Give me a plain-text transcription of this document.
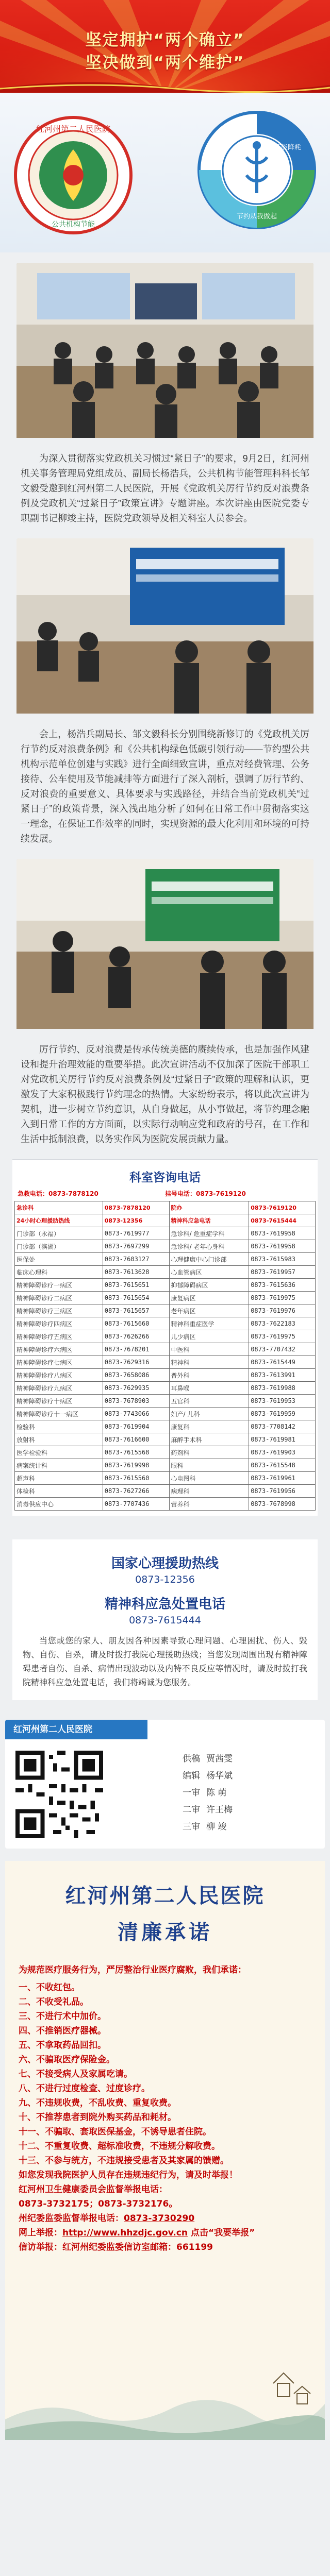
坚定拥护“两个确立”
坚决做到“两个维护”
红河州第二人民医院
公共机构节能
节能降耗
节约从我做起

为深入贯彻落实党政机关习惯过“紧日子”的要求，9月2日，红河州机关事务管理局党组成员、副局长杨浩兵，公共机构节能管理科科长邹文毅受邀到红河州第二人民医院，开展《党政机关厉行节约反对浪费条例及党政机关“过紧日子”政策宣讲》专题讲座。本次讲座由医院党委专职副书记柳竣主持，医院党政领导及相关科室人员参会。

会上，杨浩兵副局长、邹文毅科长分别围绕新修订的《党政机关厉行节约反对浪费条例》和《公共机构绿色低碳引领行动——节约型公共机构示范单位创建与实践》进行全面细致宣讲，重点对经费管理、公务接待、公车使用及节能减排等方面进行了深入剖析，强调了厉行节约、反对浪费的重要意义、具体要求与实践路径，并结合当前党政机关“过紧日子”的政策背景，深入浅出地分析了如何在日常工作中贯彻落实这一理念，在保证工作效率的同时，实现资源的最大化利用和环境的可持续发展。

厉行节约、反对浪费是传承传统美德的赓续传承，也是加强作风建设和提升治理效能的重要举措。此次宣讲活动不仅加深了医院干部职工对党政机关厉行节约反对浪费条例及“过紧日子”政策的理解和认识，更激发了大家积极践行节约理念的热情。大家纷纷表示，将以此次宣讲为契机，进一步树立节约意识，从自身做起，从小事做起，将节约理念融入到日常工作的方方面面，以实际行动响应党和政府的号召，在工作和生活中抵制浪费，以务实作风为医院发展贡献力量。

科室咨询电话
急救电话：0873-7878120	挂号电话：0873-7619120
急诊科	0873-7878120	院办	0873-7619120
24小时心理援助热线	0873-12356	精神科应急电话	0873-7615444
门诊部（永福）	0873-7619977	急诊科/ 危重症学科	0873-7619958
门诊部（滨湖）	0873-7697299	急诊科/ 老年心身科	0873-7619958
医保处	0873-7603127	心理健康中心门诊部	0873-7615983
临床心理科	0873-7613628	心血管病区	0873-7619957
精神障碍诊疗一病区	0873-7615651	抑郁障碍病区	0873-7615636
精神障碍诊疗二病区	0873-7615654	康复病区	0873-7619975
精神障碍诊疗三病区	0873-7615657	老年病区	0873-7619976
精神障碍诊疗四病区	0873-7615660	精神科重症医学	0873-7622183
精神障碍诊疗五病区	0873-7626266	儿少病区	0873-7619975
精神障碍诊疗六病区	0873-7678201	中医科	0873-7707432
精神障碍诊疗七病区	0873-7629316	精神科	0873-7615449
精神障碍诊疗八病区	0873-7658086	普外科	0873-7613991
精神障碍诊疗九病区	0873-7629935	耳鼻喉	0873-7619988
精神障碍诊疗十病区	0873-7678903	五官科	0873-7619953
精神障碍诊疗十一病区	0873-7743066	妇产/ 儿科	0873-7619959
检验科	0873-7619904	康复科	0873-7708142
放射科	0873-7616600	麻醉手术科	0873-7619981
医学检验科	0873-7615568	药剂科	0873-7619903
病案统计科	0873-7619998	眼科	0873-7615548
超声科	0873-7615560	心电图科	0873-7619961
体检科	0873-7627266	病理科	0873-7619956
消毒供应中心	0873-7707436	营养科	0873-7678998
国家心理援助热线
0873-12356
精神科应急处置电话
0873-7615444
当您或您的家人、朋友因各种因素导致心理问题、心理困扰、伤人、毁物、自伤、自杀，请及时拨打我院心理援助热线；当您发现周围出现有精神障碍患者自伤、自杀、病情出现波动以及内特不良反应等情况时，请及时拨打我院精神科应急处置电话，我们将竭诚为您服务。
红河州第二人民医院
供稿 贾茜雯
编辑 杨华斌
一审 陈 萌
二审 许王梅
三审 柳 竣
红河州第二人民医院
清廉承诺
为规范医疗服务行为，严厉整治行业医疗腐败，我们承诺：
一、不收红包。
二、不收受礼品。
三、不进行术中加价。
四、不推销医疗器械。
五、不拿取药品回扣。
六、不骗取医疗保险金。
七、不接受病人及家属吃请。
八、不进行过度检查、过度诊疗。
九、不违规收费，不乱收费、重复收费。
十、不推荐患者到院外购买药品和耗材。
十一、不骗取、套取医保基金，不诱导患者住院。
十二、不重复收费、超标准收费，不违规分解收费。
十三、不参与统方，不违规接受患者及其家属的馈赠。
如您发现我院医护人员存在违规违纪行为，请及时举报！
红河州卫生健康委员会监督举报电话：
0873-3732175；0873-3732176。
州纪委监委监督举报电话：0873-3730290
网上举报：http://www.hhzdjc.gov.cn 点击“我要举报”
信访举报：红河州纪委监委信访室邮箱：661199
